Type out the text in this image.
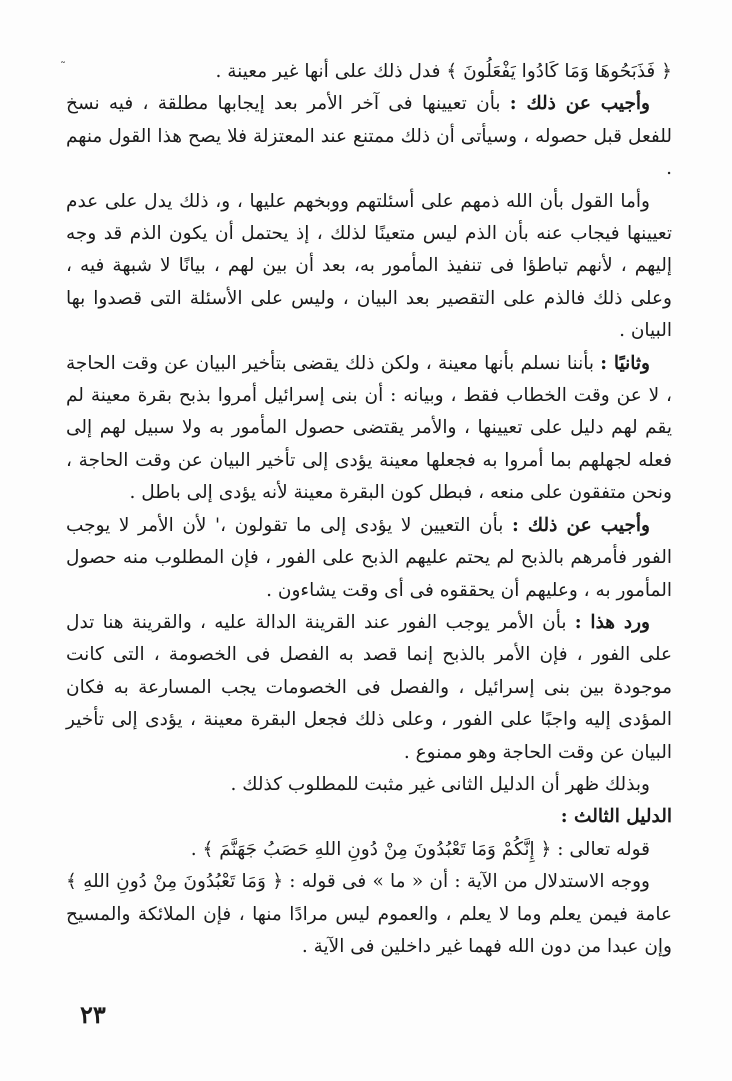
˜	﴿ فَذَبَحُوهَا وَمَا كَادُوا يَفْعَلُونَ ﴾ فدل ذلك على أنها غير معينة .

وأجيب عن ذلك : بأن تعيينها فى آخر الأمر بعد إيجابها مطلقة ، فيه نسخ للفعل قبل حصوله ، وسيأتى أن ذلك ممتنع عند المعتزلة فلا يصح هذا القول منهم .

وأما القول بأن الله ذمهم على أسئلتهم ووبخهم عليها ، و، ذلك يدل على عدم تعيينها فيجاب عنه بأن الذم ليس متعينًا لذلك ، إذ يحتمل أن يكون الذم قد وجه إليهم ، لأنهم تباطؤا فى تنفيذ المأمور به، بعد أن بين لهم ، بيانًا لا شبهة فيه ، وعلى ذلك فالذم على التقصير بعد البيان ، وليس على الأسئلة التى قصدوا بها البيان .

وثانيًا : بأننا نسلم بأنها معينة ، ولكن ذلك يقضى بتأخير البيان عن وقت الحاجة ، لا عن وقت الخطاب فقط ، وبيانه : أن بنى إسرائيل أمروا بذبح بقرة معينة لم يقم لهم دليل على تعيينها ، والأمر يقتضى حصول المأمور به ولا سبيل لهم إلى فعله لجهلهم بما أمروا به فجعلها معينة يؤدى إلى تأخير البيان عن وقت الحاجة ، ونحن متفقون على منعه ، فبطل كون البقرة معينة لأنه يؤدى إلى باطل .

وأجيب عن ذلك : بأن التعيين لا يؤدى إلى ما تقولون ،' لأن الأمر لا يوجب الفور فأمرهم بالذبح لم يحتم عليهم الذبح على الفور ، فإن المطلوب منه حصول المأمور به ، وعليهم أن يحققوه فى أى وقت يشاءون .

ورد هذا : بأن الأمر يوجب الفور عند القرينة الدالة عليه ، والقرينة هنا تدل على الفور ، فإن الأمر بالذبح إنما قصد به الفصل فى الخصومة ، التى كانت موجودة بين بنى إسرائيل ، والفصل فى الخصومات يجب المسارعة به فكان المؤدى إليه واجبًا على الفور ، وعلى ذلك فجعل البقرة معينة ، يؤدى إلى تأخير البيان عن وقت الحاجة وهو ممنوع .

وبذلك ظهر أن الدليل الثانى غير مثبت للمطلوب كذلك .

الدليل الثالث :

قوله تعالى : ﴿ إِنَّكُمْ وَمَا تَعْبُدُونَ مِنْ دُونِ اللهِ حَصَبُ جَهَنَّمَ ﴾ .

ووجه الاستدلال من الآية : أن « ما » فى قوله : ﴿ وَمَا تَعْبُدُونَ مِنْ دُونِ اللهِ ﴾ عامة فيمن يعلم وما لا يعلم ، والعموم ليس مرادًا منها ، فإن الملائكة والمسيح وإن عبدا من دون الله فهما غير داخلين فى الآية .

٢٣
